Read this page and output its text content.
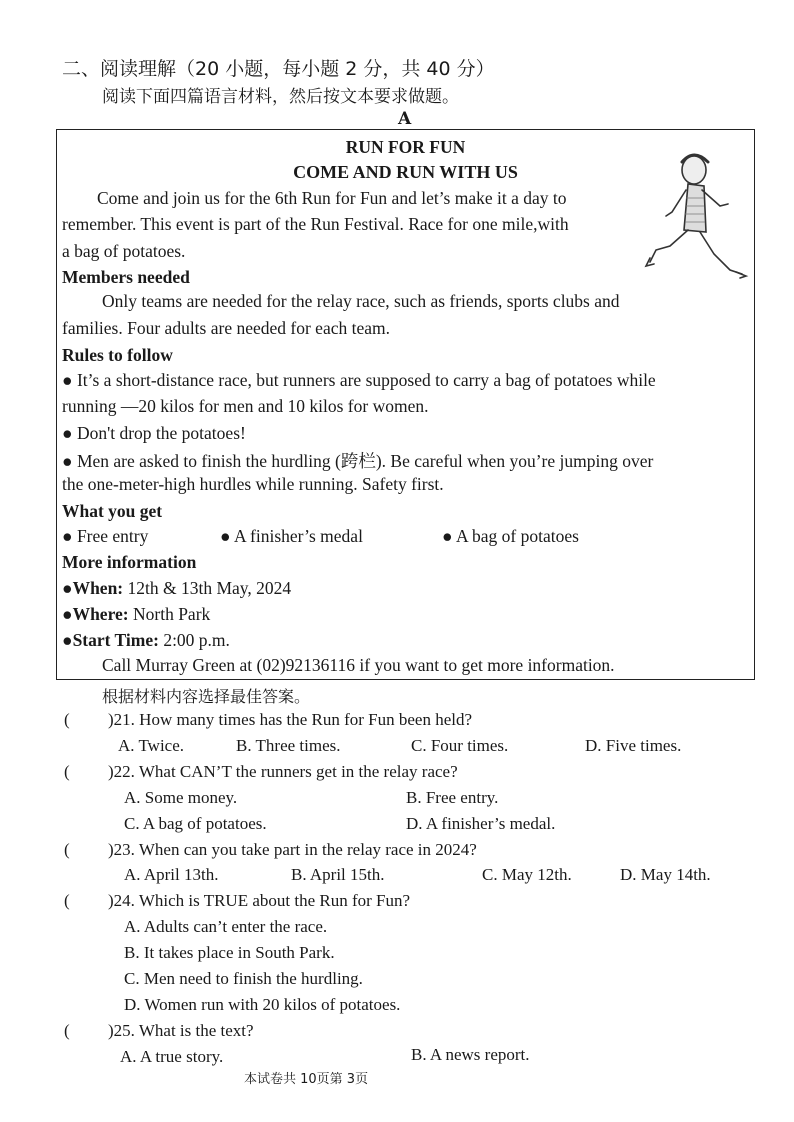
二、阅读理解（20 小题，每小题 2 分，共 40 分）
阅读下面四篇语言材料，然后按文本要求做题。
A
RUN FOR FUN
COME AND RUN WITH US
Come and join us for the 6th Run for Fun and let’s make it a day to
remember. This event is part of the Run Festival. Race for one mile,with
a bag of potatoes.
Members needed
Only teams are needed for the relay race, such as friends, sports clubs and
families. Four adults are needed for each team.
Rules to follow
● It’s a short-distance race, but runners are supposed to carry a bag of potatoes while
running —20 kilos for men and 10 kilos for women.
● Don't drop the potatoes!
● Men are asked to finish the hurdling (跨栏). Be careful when you’re jumping over
the one-meter-high hurdles while running. Safety first.
What you get
● Free entry	● A finisher’s medal	● A bag of potatoes
More information
●When: 12th & 13th May, 2024
●Where: North Park
●Start Time: 2:00 p.m.
Call Murray Green at (02)92136116 if you want to get more information.
根据材料内容选择最佳答案。
( )21. How many times has the Run for Fun been held?
A. Twice.	B. Three times.	C. Four times.	D. Five times.
( )22. What CAN’T the runners get in the relay race?
A. Some money.	B. Free entry.
C. A bag of potatoes.	D. A finisher’s medal.
( )23. When can you take part in the relay race in 2024?
A. April 13th.	B. April 15th.	C. May 12th.	D. May 14th.
( )24. Which is TRUE about the Run for Fun?
A. Adults can’t enter the race.
B. It takes place in South Park.
C. Men need to finish the hurdling.
D. Women run with 20 kilos of potatoes.
( )25. What is the text?
A. A true story.	B. A news report.
本试卷共 10页第 3页
